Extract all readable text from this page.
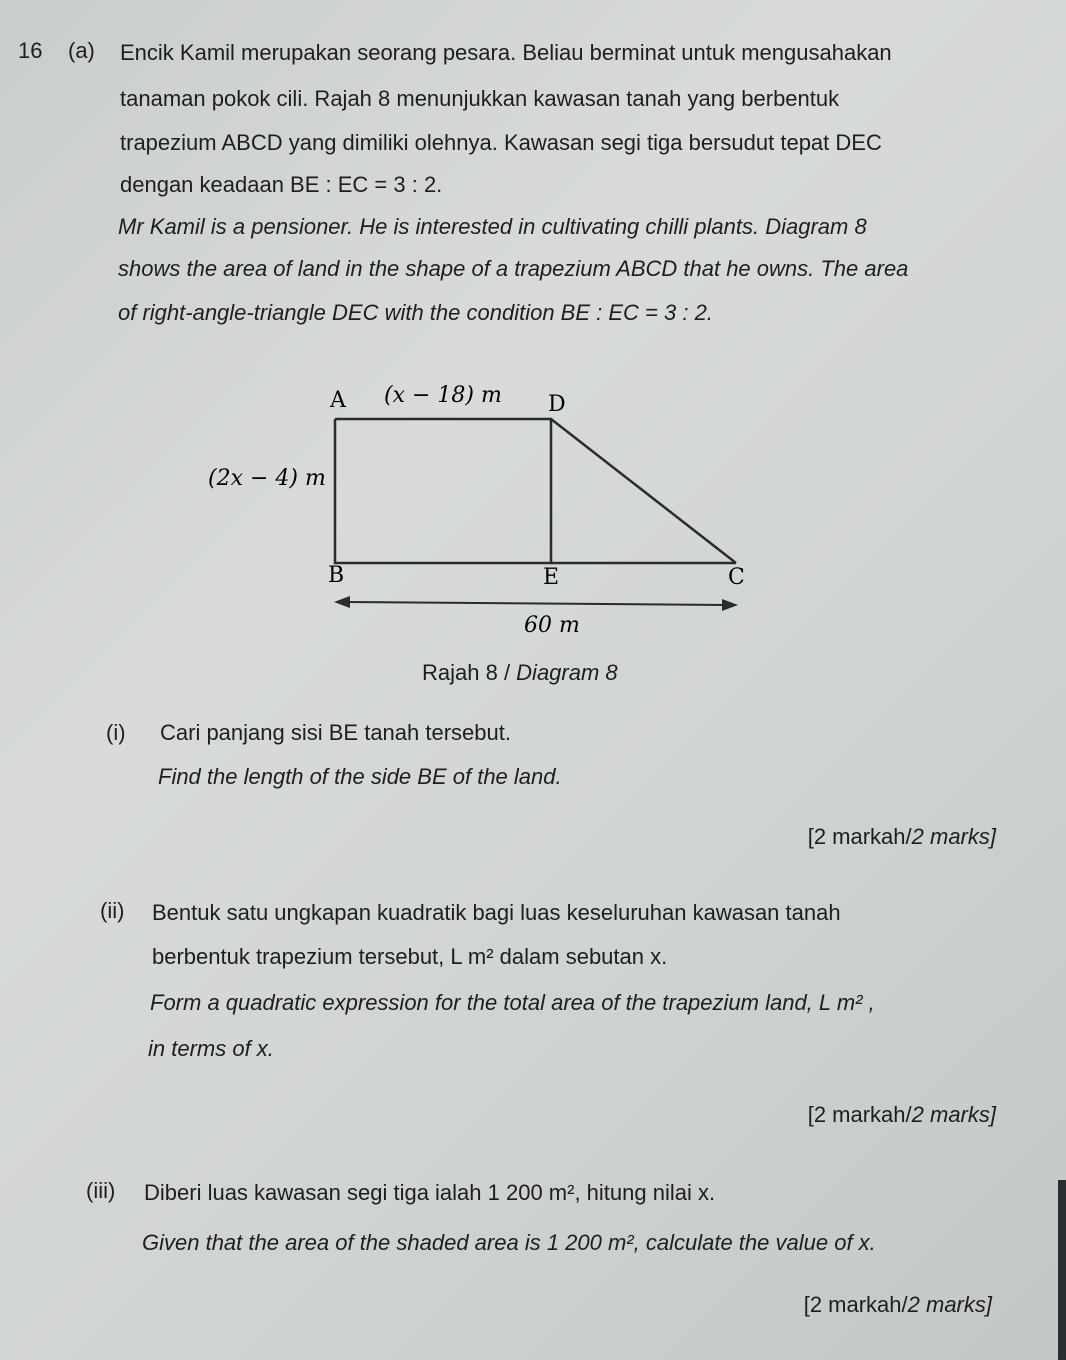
16 (a) Encik Kamil merupakan seorang pesara. Beliau berminat untuk mengusahakan
tanaman pokok cili. Rajah 8 menunjukkan kawasan tanah yang berbentuk
trapezium ABCD yang dimiliki olehnya. Kawasan segi tiga bersudut tepat DEC
dengan keadaan BE : EC = 3 : 2.
Mr Kamil is a pensioner. He is interested in cultivating chilli plants. Diagram 8
shows the area of land in the shape of a trapezium ABCD that he owns. The area
of right-angle-triangle DEC with the condition BE : EC = 3 : 2.
A	D
B	E	C
(x − 18) m
(2x − 4) m
60 m
Rajah 8 / Diagram 8
(i) Cari panjang sisi BE tanah tersebut.
Find the length of the side BE of the land.
[2 markah/2 marks]
(ii) Bentuk satu ungkapan kuadratik bagi luas keseluruhan kawasan tanah
berbentuk trapezium tersebut, L m² dalam sebutan x.
Form a quadratic expression for the total area of the trapezium land, L m² ,
in terms of x.
[2 markah/2 marks]
(iii) Diberi luas kawasan segi tiga ialah 1 200 m², hitung nilai x.
Given that the area of the shaded area is 1 200 m², calculate the value of x.
[2 markah/2 marks]
